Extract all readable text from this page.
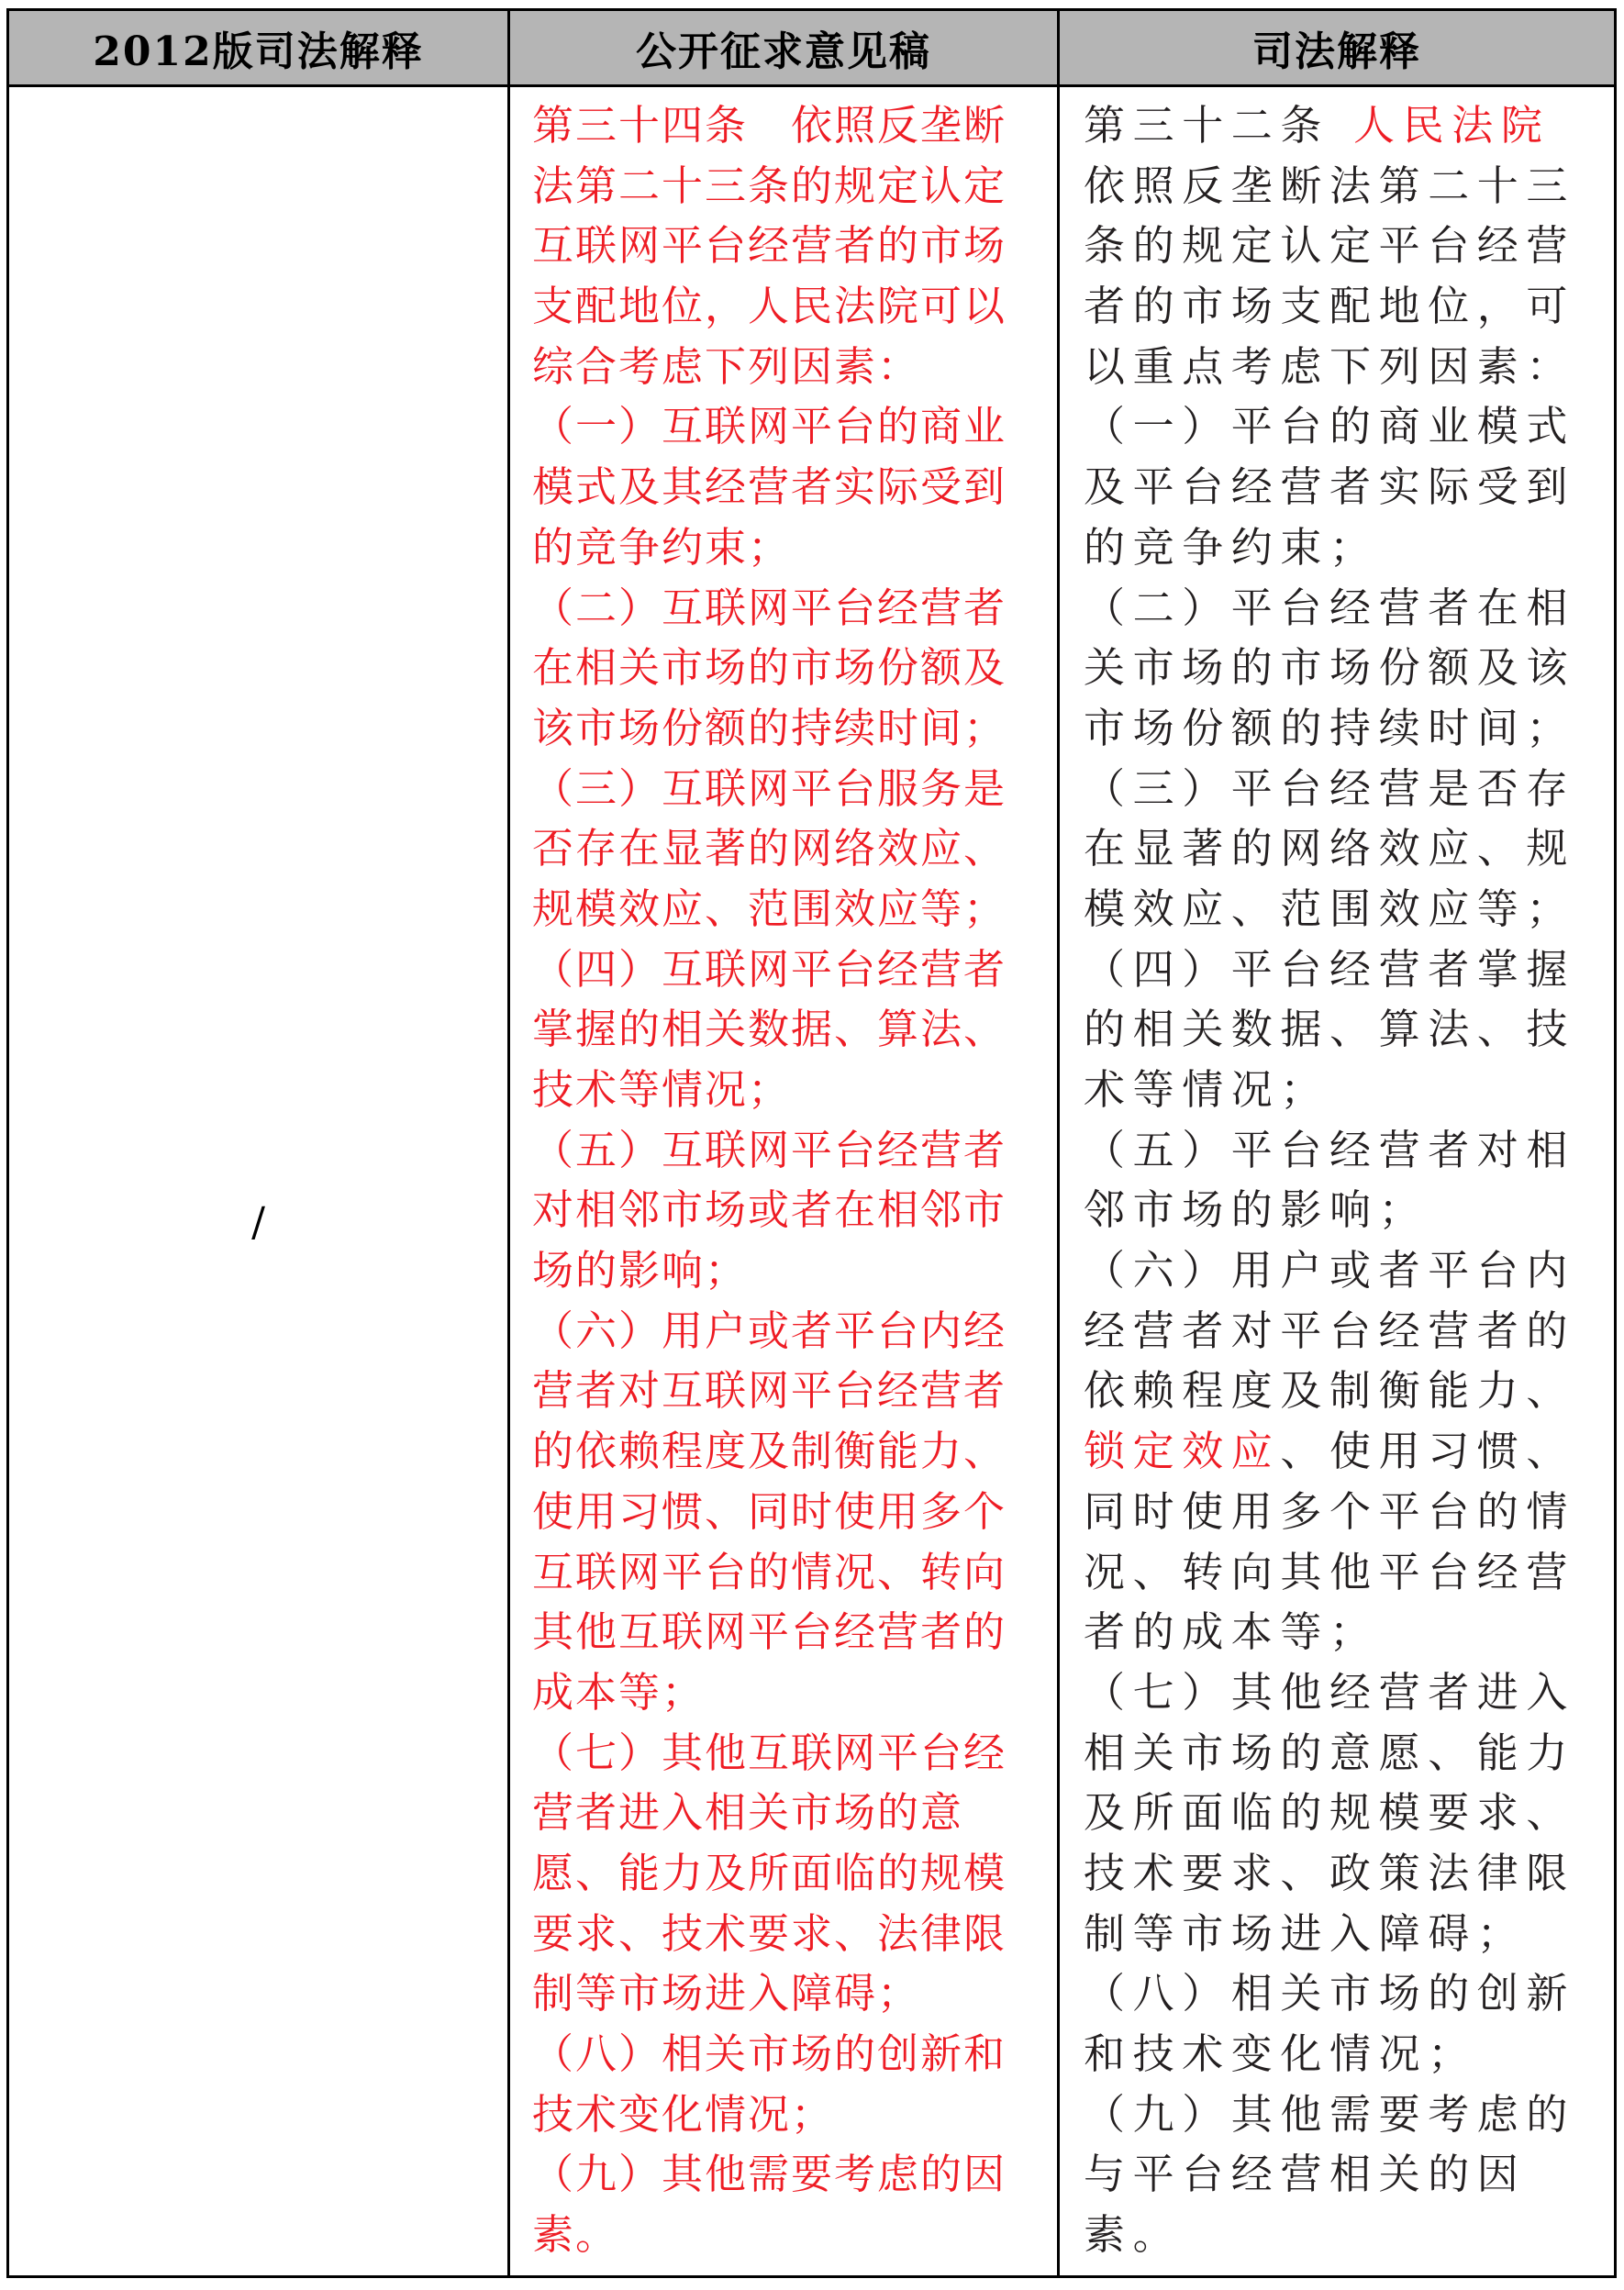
2012版司法解释	公开征求意见稿	司法解释
/
第三十四条　依照反垄断
法第二十三条的规定认定
互联网平台经营者的市场
支配地位，人民法院可以
综合考虑下列因素：
（一）互联网平台的商业
模式及其经营者实际受到
的竞争约束；
（二）互联网平台经营者
在相关市场的市场份额及
该市场份额的持续时间；
（三）互联网平台服务是
否存在显著的网络效应、
规模效应、范围效应等；
（四）互联网平台经营者
掌握的相关数据、算法、
技术等情况；
（五）互联网平台经营者
对相邻市场或者在相邻市
场的影响；
（六）用户或者平台内经
营者对互联网平台经营者
的依赖程度及制衡能力、
使用习惯、同时使用多个
互联网平台的情况、转向
其他互联网平台经营者的
成本等；
（七）其他互联网平台经
营者进入相关市场的意
愿、能力及所面临的规模
要求、技术要求、法律限
制等市场进入障碍；
（八）相关市场的创新和
技术变化情况；
（九）其他需要考虑的因
素。
第三十二条 人民法院
依照反垄断法第二十三
条的规定认定平台经营
者的市场支配地位，可
以重点考虑下列因素：
（一）平台的商业模式
及平台经营者实际受到
的竞争约束；
（二）平台经营者在相
关市场的市场份额及该
市场份额的持续时间；
（三）平台经营是否存
在显著的网络效应、规
模效应、范围效应等；
（四）平台经营者掌握
的相关数据、算法、技
术等情况；
（五）平台经营者对相
邻市场的影响；
（六）用户或者平台内
经营者对平台经营者的
依赖程度及制衡能力、
锁定效应、使用习惯、
同时使用多个平台的情
况、转向其他平台经营
者的成本等；
（七）其他经营者进入
相关市场的意愿、能力
及所面临的规模要求、
技术要求、政策法律限
制等市场进入障碍；
（八）相关市场的创新
和技术变化情况；
（九）其他需要考虑的
与平台经营相关的因
素。
